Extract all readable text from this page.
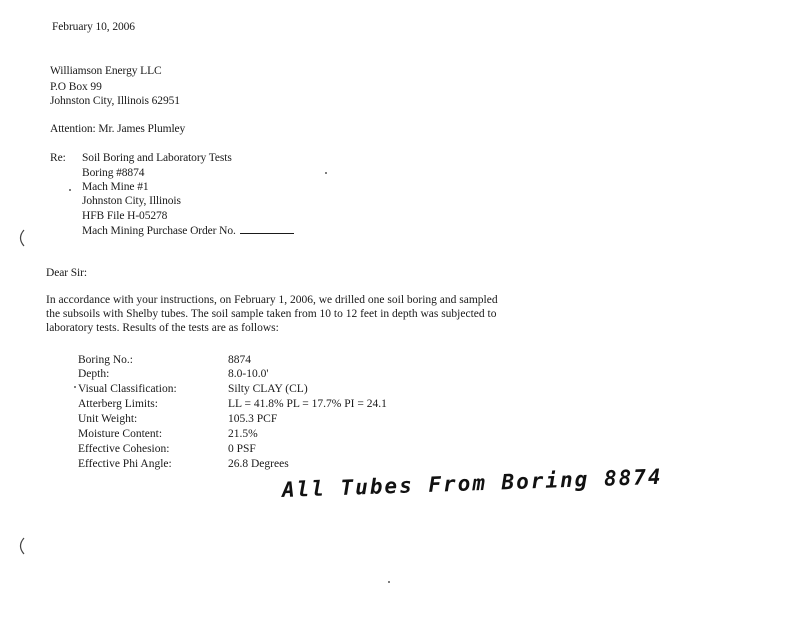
February 10, 2006
Williamson Energy LLC
P.O Box 99
Johnston City, Illinois 62951
Attention: Mr. James Plumley
Re: Soil Boring and Laboratory Tests
Boring #8874
Mach Mine #1
Johnston City, Illinois
HFB File H-05278
Mach Mining Purchase Order No.
Dear Sir:
In accordance with your instructions, on February 1, 2006, we drilled one soil boring and sampled
the subsoils with Shelby tubes. The soil sample taken from 10 to 12 feet in depth was subjected to
laboratory tests. Results of the tests are as follows:
Boring No.:	8874
Depth:	8.0-10.0'
Visual Classification:	Silty CLAY (CL)
Atterberg Limits:	LL = 41.8% PL = 17.7% PI = 24.1
Unit Weight:	105.3 PCF
Moisture Content:	21.5%
Effective Cohesion:	0 PSF
Effective Phi Angle:	26.8 Degrees
All Tubes From Boring 8874
